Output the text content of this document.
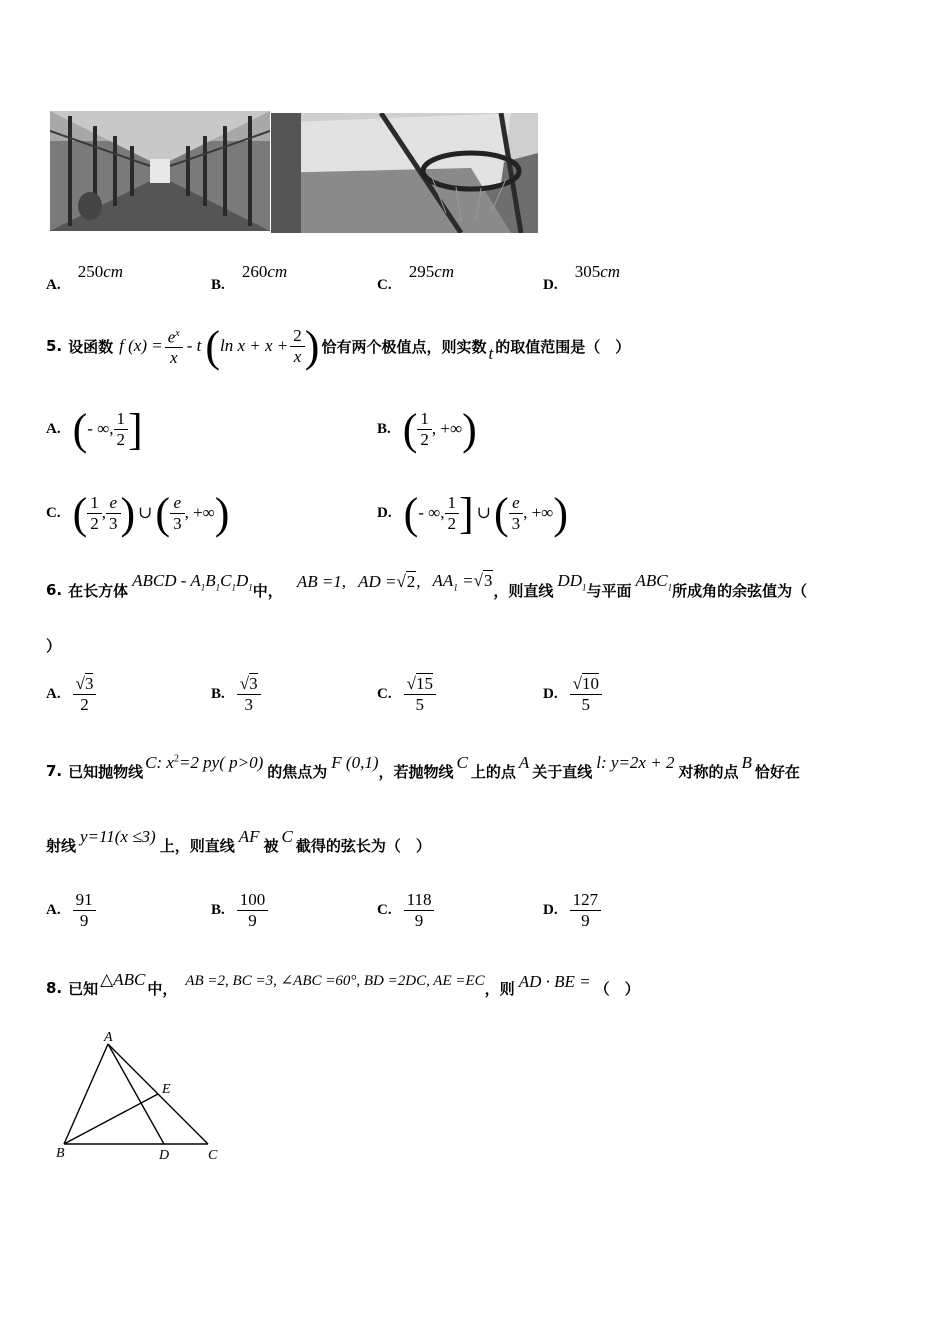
A. 250cm
B. 260cm
C. 295cm
D. 305cm
5. 设函数 f $(x) = \frac{e^x}{x} - t$ ( $\ln x + x + \frac{2}{x}$ ) 恰有两个极值点，则实数 t 的取值范围是（　）
A. ( - ∞, $\frac{1}{2}$ ]	B. ( $\frac{1}{2}$ , +∞ )
C. ( $\frac{1}{2}$ , $\frac{e}{3}$ ) ∪ ( $\frac{e}{3}$ , +∞ )	D. ( - ∞, $\frac{1}{2}$ ] ∪ ( $\frac{e}{3}$ , +∞ )
6. 在长方体
ABCD - $A_1B_1C_1D_1$ 中， AB =1, AD =√2, $AA_1 =√3$
，则直线
$DD_1$ 与平面
$ABC_1$ 所成角的余弦值为（
）
A. $\frac{√3}{2}$	B. $\frac{√3}{3}$	C. $\frac{√15}{5}$	D. $\frac{√10}{5}$
7. 已知抛物线 C: $x^2=2$ py( p>0) 的焦点为 F (0,1) ，若抛物线 C 上的点 A 关于直线 l: y=2x + 2 对称的点 B 恰好在
射线 y=11(x ≤3) 上，则直线 AF 被 C 截得的弦长为（　）
A. $\frac{91}{9}$	B. $\frac{100}{9}$	C. $\frac{118}{9}$	D. $\frac{127}{9}$
8. 已知 △ABC 中， AB =2, BC =3, ∠ABC =60°, BD =2DC, AE =EC ，则 AD · BE = （　）
A
B	C
D
E
